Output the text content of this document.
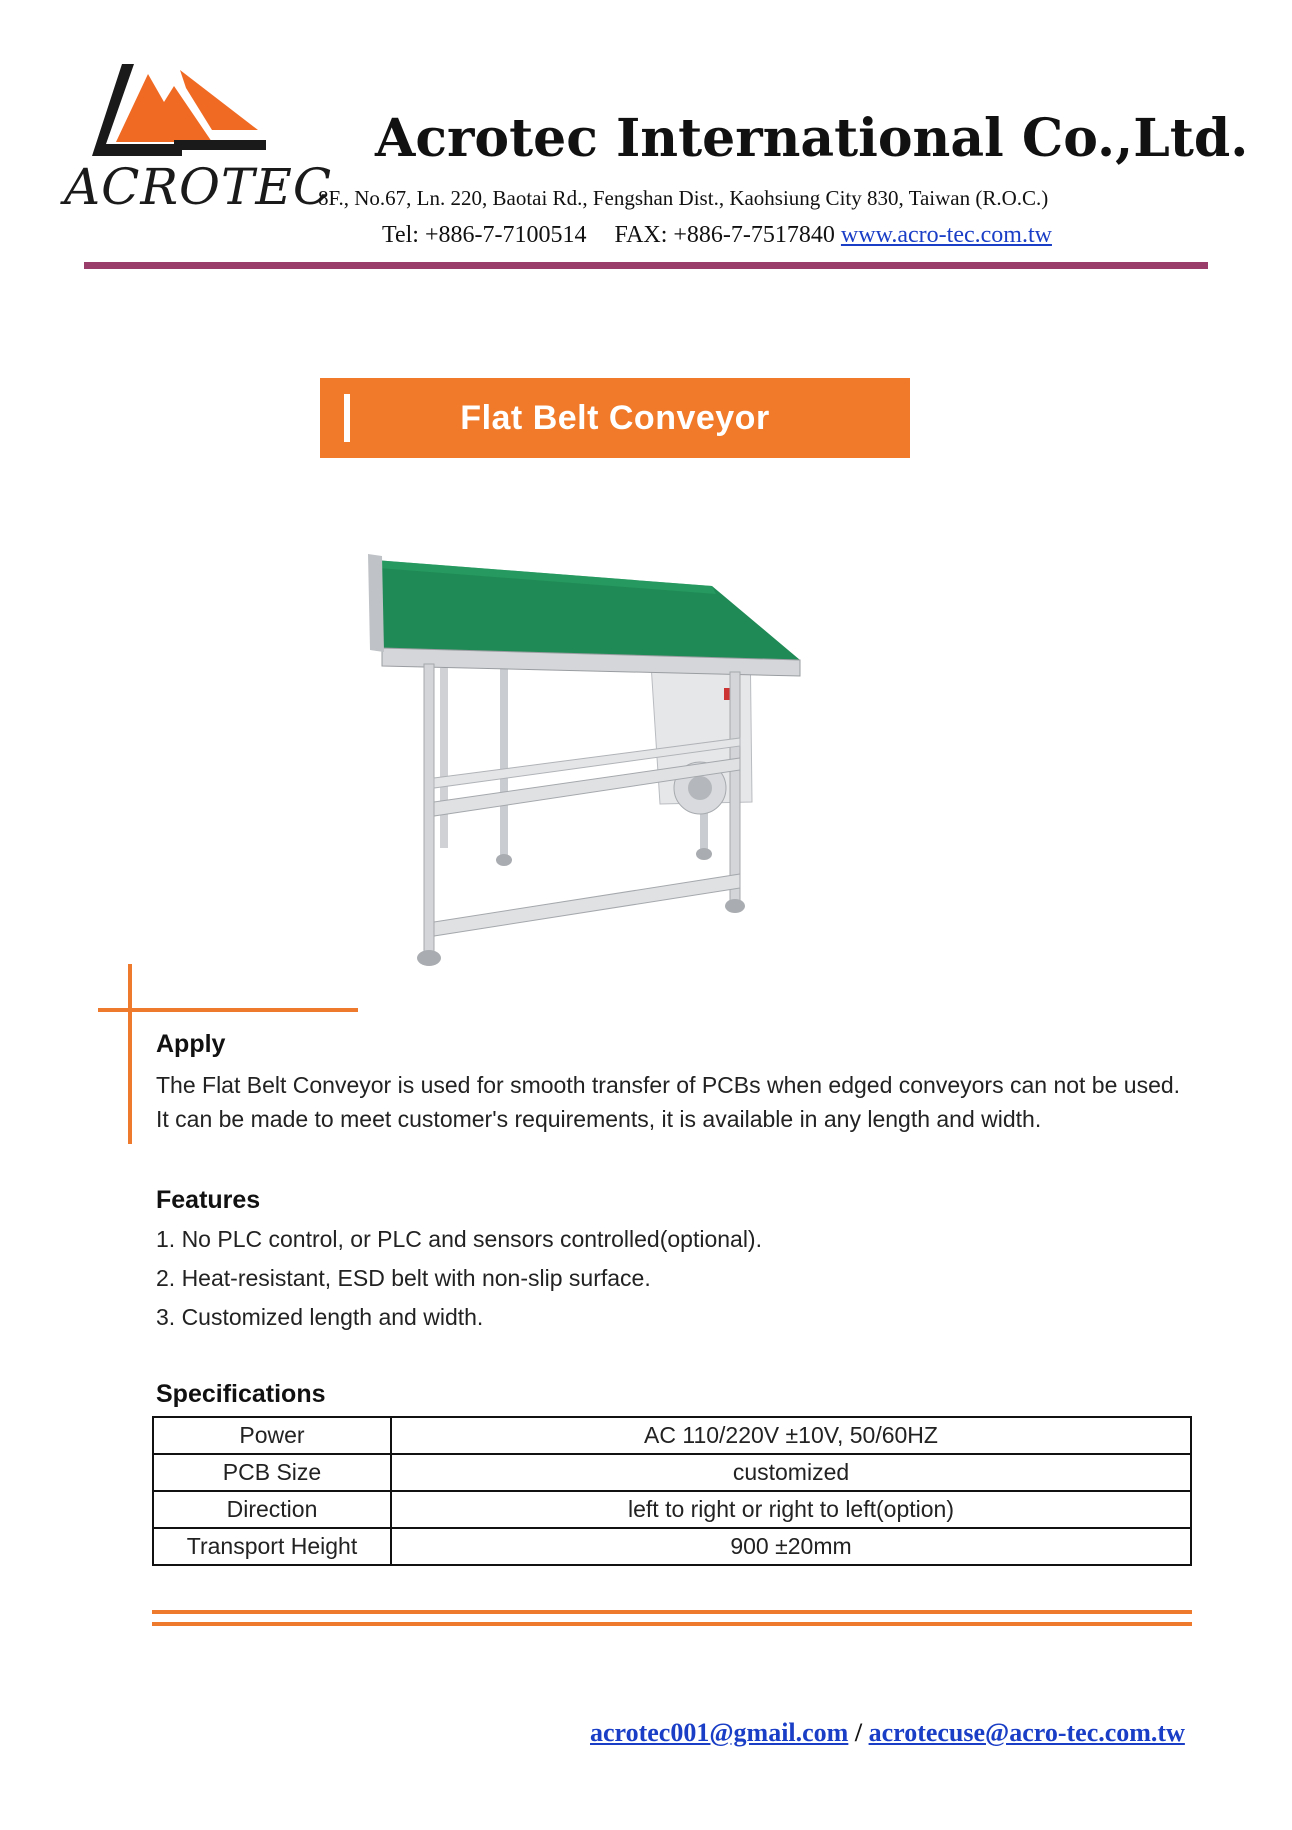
ACROTEC
Acrotec International Co.,Ltd.
8F., No.67, Ln. 220, Baotai Rd., Fengshan Dist., Kaohsiung City 830, Taiwan (R.O.C.)
Tel: +886-7-7100514 FAX: +886-7-7517840 www.acro-tec.com.tw
Flat Belt Conveyor
Apply
The Flat Belt Conveyor is used for smooth transfer of PCBs when edged conveyors can not be used. It can be made to meet customer's requirements, it is available in any length and width.
Features
1. No PLC control, or PLC and sensors controlled(optional).
2. Heat-resistant, ESD belt with non-slip surface.
3. Customized length and width.
Specifications
Power	AC 110/220V ±10V, 50/60HZ
PCB Size	customized
Direction	left to right or right to left(option)
Transport Height	900 ±20mm
acrotec001@gmail.com / acrotecuse@acro-tec.com.tw
